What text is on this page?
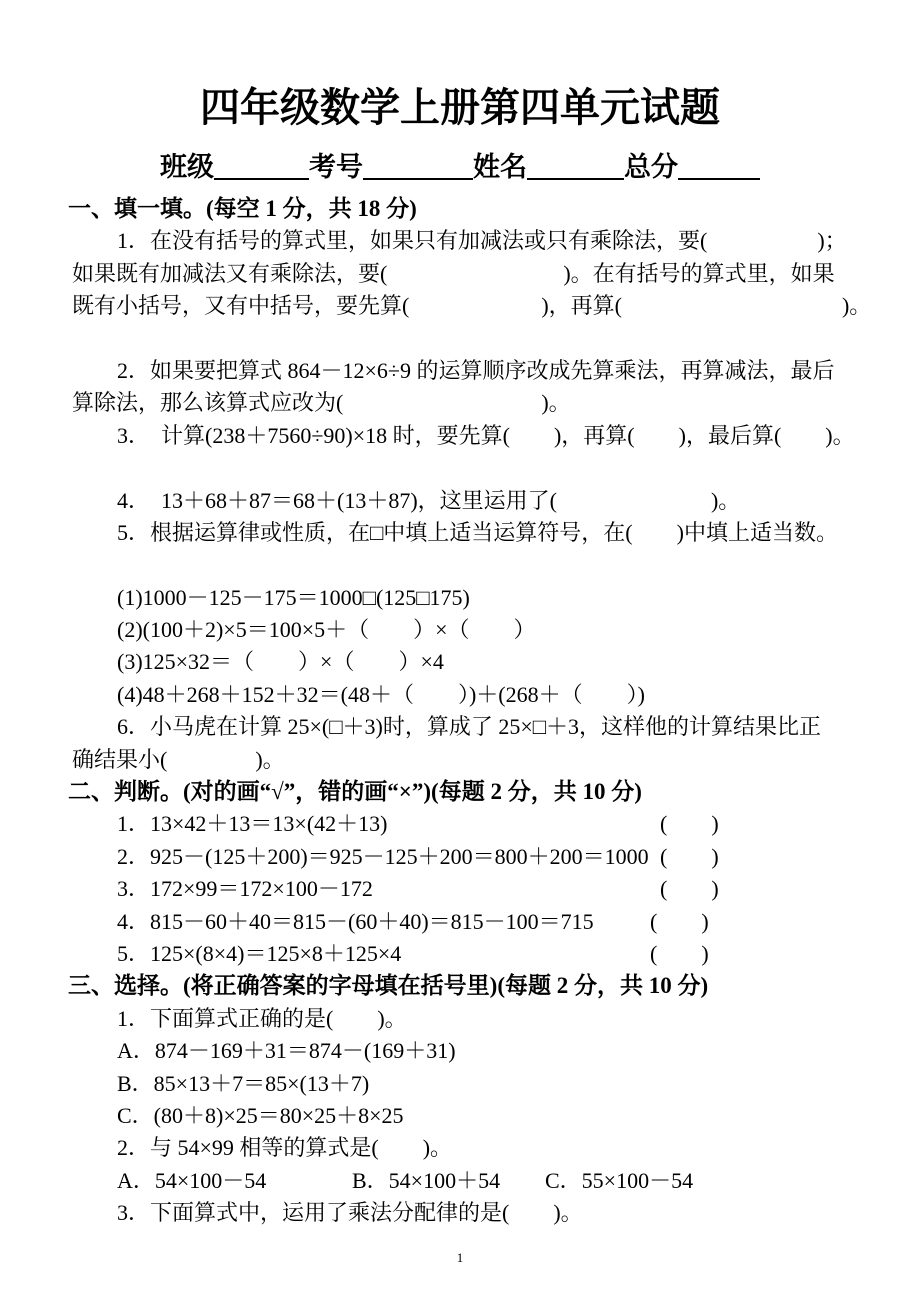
四年级数学上册第四单元试题
班级	考号	姓名	总分
一、填一填。(每空 1 分，共 18 分)
1．在没有括号的算式里，如果只有加减法或只有乘除法，要(　　　　　)；
如果既有加减法又有乘除法，要(　　　　　　　　)。在有括号的算式里，如果
既有小括号，又有中括号，要先算(　　　　　　)，再算(　　　　　　　　　　)。
2．如果要把算式 864－12×6÷9 的运算顺序改成先算乘法，再算减法，最后
算除法，那么该算式应改为(　　　　　　　　　)。
3．  计算(238＋7560÷90)×18 时，要先算(　　)，再算(　　)，最后算(　　)。
4．  13＋68＋87＝68＋(13＋87)，这里运用了(　　　　　　　)。
5．根据运算律或性质，在□中填上适当运算符号，在(　　)中填上适当数。
(1)1000－125－175＝1000□(125□175)
(2)(100＋2)×5＝100×5＋（　　）×（　　）
(3)125×32＝（　　）×（　　）×4
(4)48＋268＋152＋32＝(48＋（　　）)＋(268＋（　　）)
6．小马虎在计算 25×(□＋3)时，算成了 25×□＋3，这样他的计算结果比正
确结果小(　　　　)。
二、判断。(对的画“√”，错的画“×”)(每题 2 分，共 10 分)
1．13×42＋13＝13×(42＋13)	(　　)
2．925－(125＋200)＝925－125＋200＝800＋200＝1000 (　　)
3．172×99＝172×100－172	(　　)
4．815－60＋40＝815－(60＋40)＝815－100＝715	(　　)
5．125×(8×4)＝125×8＋125×4	(　　)
三、选择。(将正确答案的字母填在括号里)(每题 2 分，共 10 分)
1．下面算式正确的是(　　)。
A．874－169＋31＝874－(169＋31)
B．85×13＋7＝85×(13＋7)
C．(80＋8)×25＝80×25＋8×25
2．与 54×99 相等的算式是(　　)。
A．54×100－54	B．54×100＋54	C．55×100－54
3．下面算式中，运用了乘法分配律的是(　　)。
1
